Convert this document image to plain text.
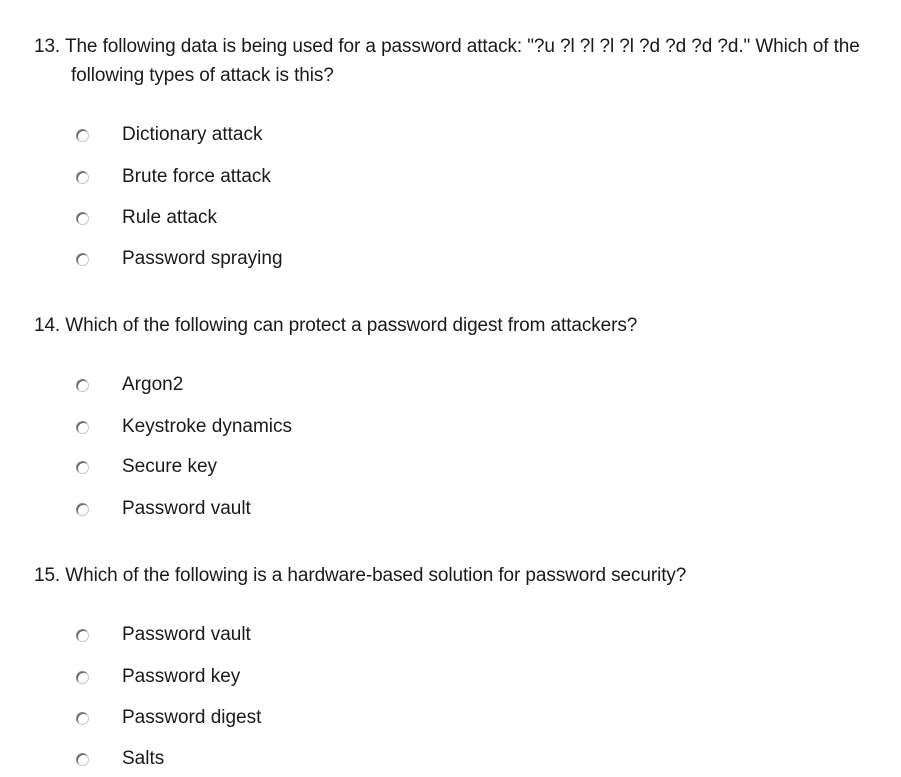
13. The following data is being used for a password attack: "?u ?l ?l ?l ?l ?d ?d ?d ?d." Which of the following types of attack is this?
Dictionary attack
Brute force attack
Rule attack
Password spraying
14. Which of the following can protect a password digest from attackers?
Argon2
Keystroke dynamics
Secure key
Password vault
15. Which of the following is a hardware-based solution for password security?
Password vault
Password key
Password digest
Salts
